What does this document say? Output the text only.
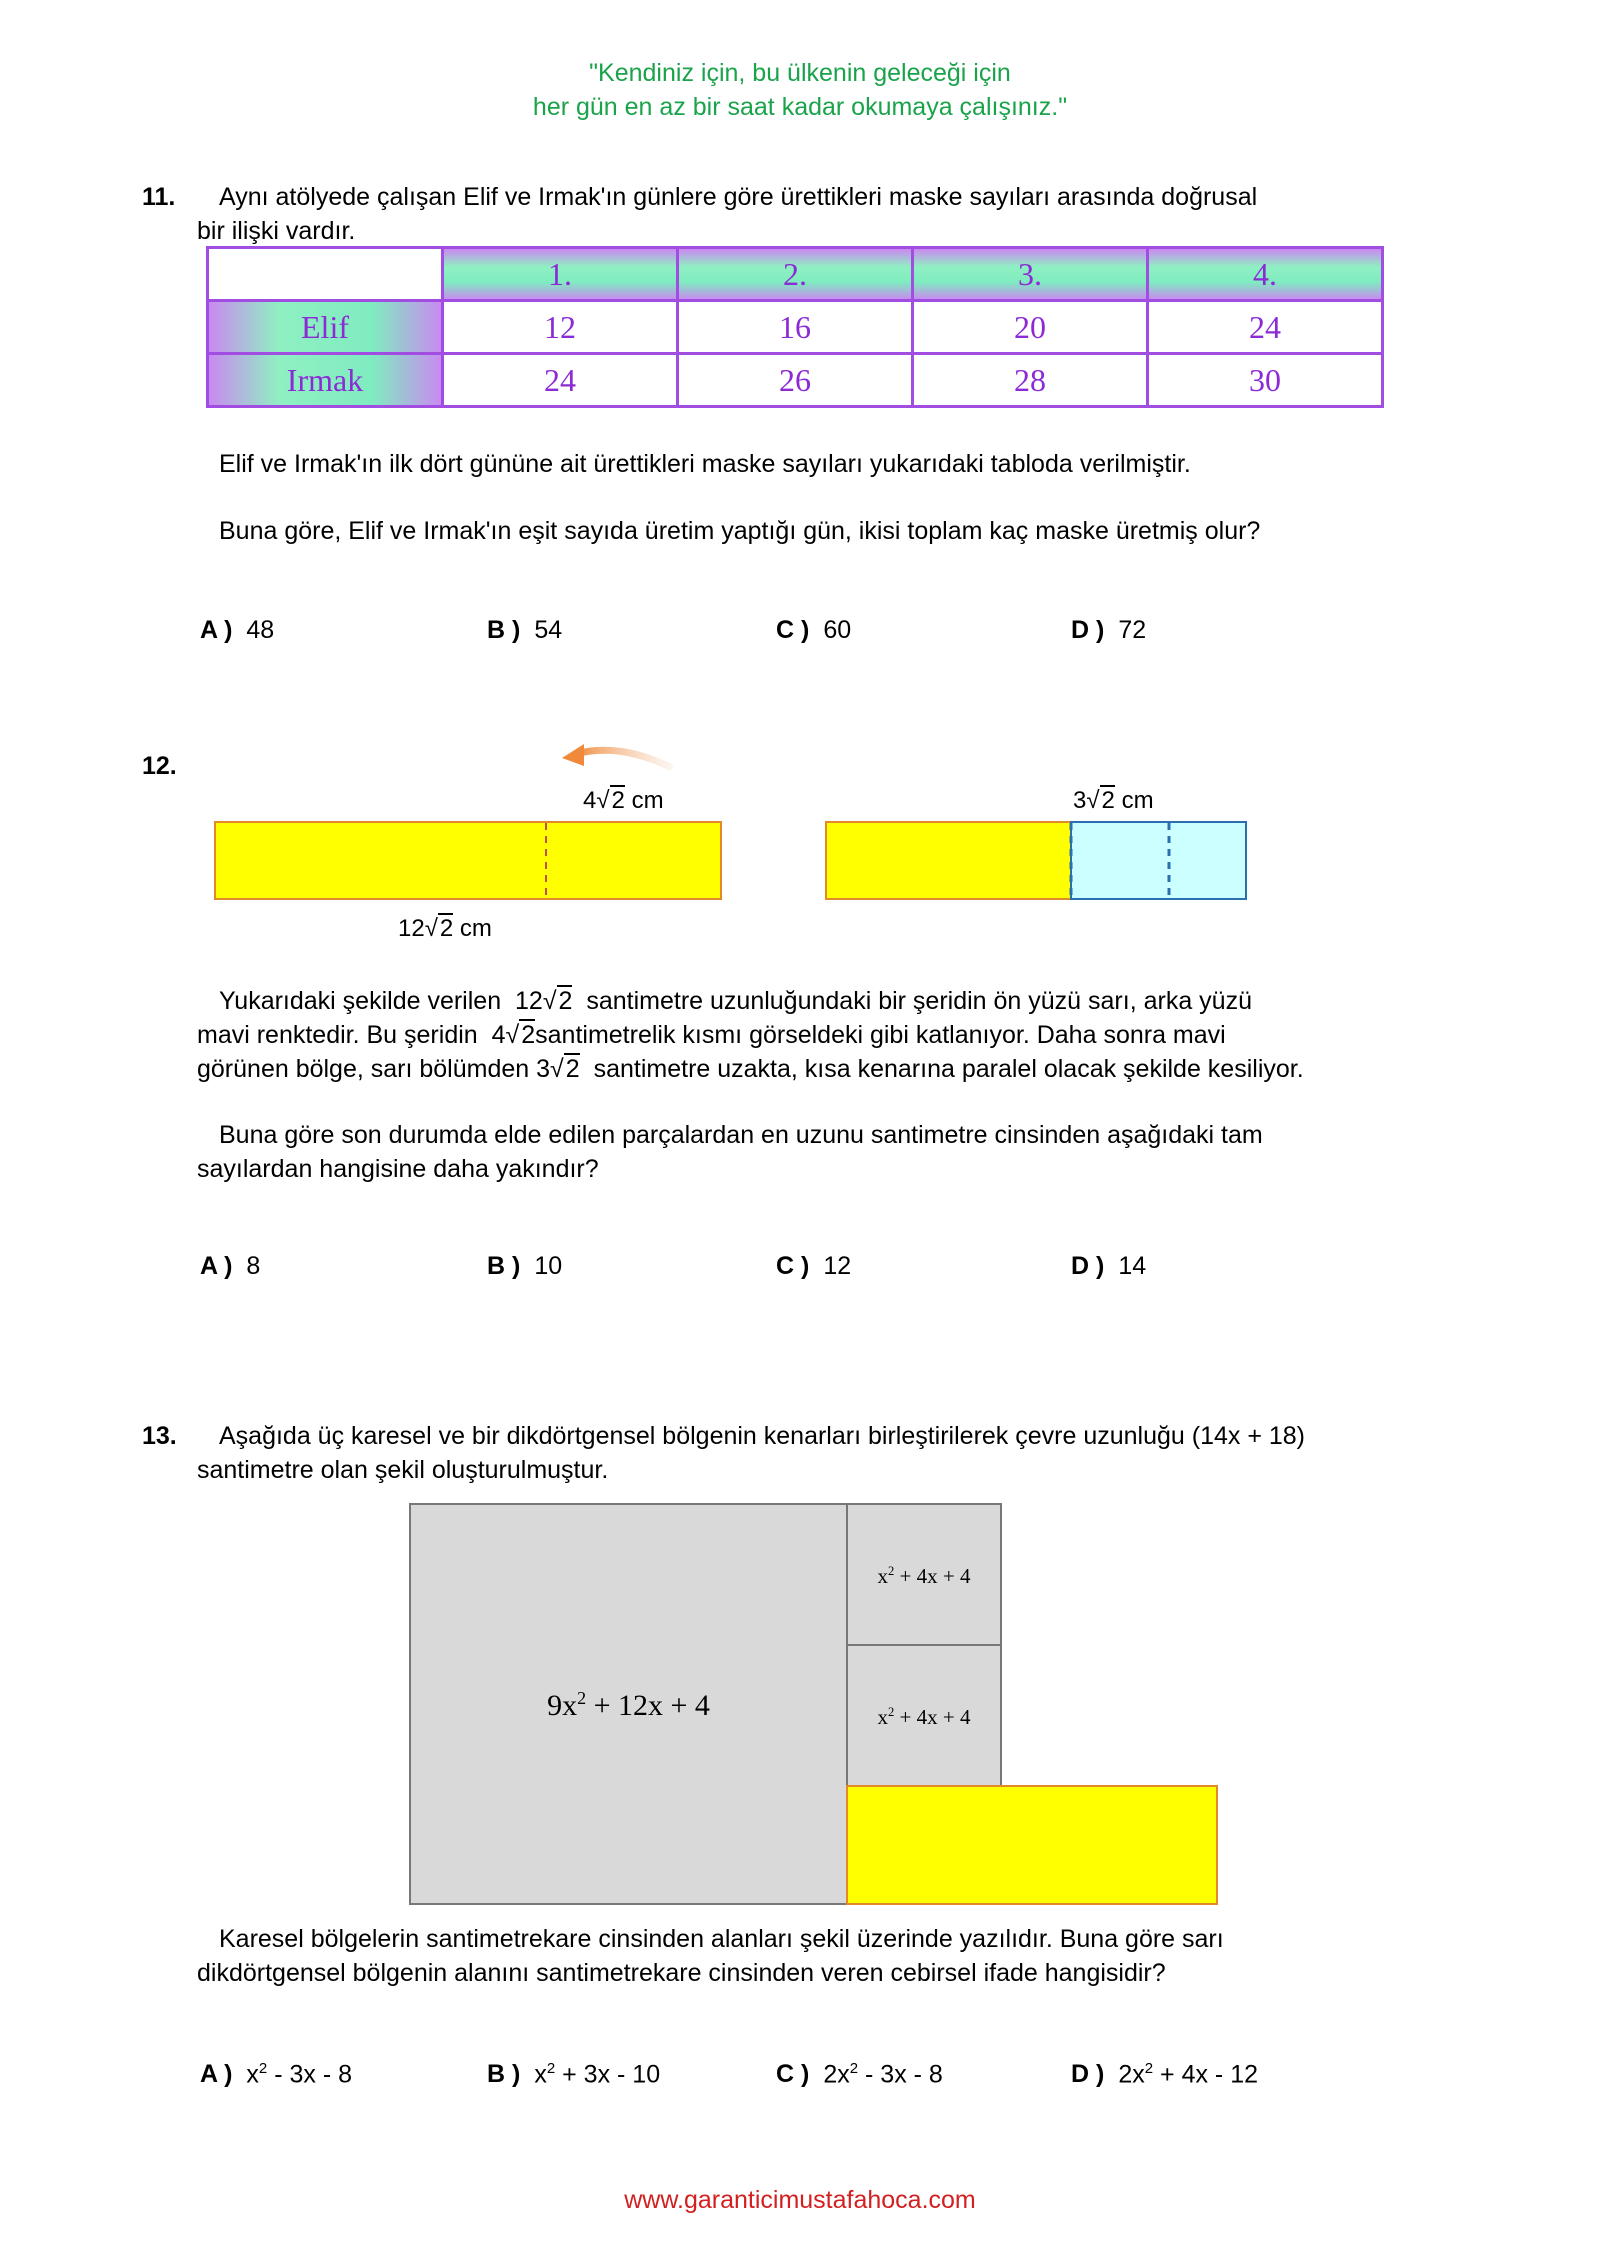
"Kendiniz için, bu ülkenin geleceği için
her gün en az bir saat kadar okumaya çalışınız."
11. Aynı atölyede çalışan Elif ve Irmak'ın günlere göre ürettikleri maske sayıları arasında doğrusal
bir ilişki vardır.
	1.	2.	3.	4.
Elif	12	16	20	24
Irmak	24	26	28	30
Elif ve Irmak'ın ilk dört gününe ait ürettikleri maske sayıları yukarıdaki tabloda verilmiştir.
Buna göre, Elif ve Irmak'ın eşit sayıda üretim yaptığı gün, ikisi toplam kaç maske üretmiş olur?
A ) 48	B ) 54	C ) 60	D ) 72
12.
4√2 cm	3√2 cm
12√2 cm
Yukarıdaki şekilde verilen 12√2 santimetre uzunluğundaki bir şeridin ön yüzü sarı, arka yüzü
mavi renktedir. Bu şeridin 4√2santimetrelik kısmı görseldeki gibi katlanıyor. Daha sonra mavi
görünen bölge, sarı bölümden 3√2 santimetre uzakta, kısa kenarına paralel olacak şekilde kesiliyor.
Buna göre son durumda elde edilen parçalardan en uzunu santimetre cinsinden aşağıdaki tam
sayılardan hangisine daha yakındır?
A ) 8	B ) 10	C ) 12	D ) 14
13. Aşağıda üç karesel ve bir dikdörtgensel bölgenin kenarları birleştirilerek çevre uzunluğu (14x + 18)
santimetre olan şekil oluşturulmuştur.
$9x^2 + 12x + 4$
$x^2 + 4x + 4$
$x^2 + 4x + 4$
Karesel bölgelerin santimetrekare cinsinden alanları şekil üzerinde yazılıdır. Buna göre sarı
dikdörtgensel bölgenin alanını santimetrekare cinsinden veren cebirsel ifade hangisidir?
A ) $x^2 - 3x - 8$	B ) $x^2 + 3x - 10$	C ) $2x^2 - 3x - 8$	D ) $2x^2 + 4x - 12$
www.garanticimustafahoca.com
